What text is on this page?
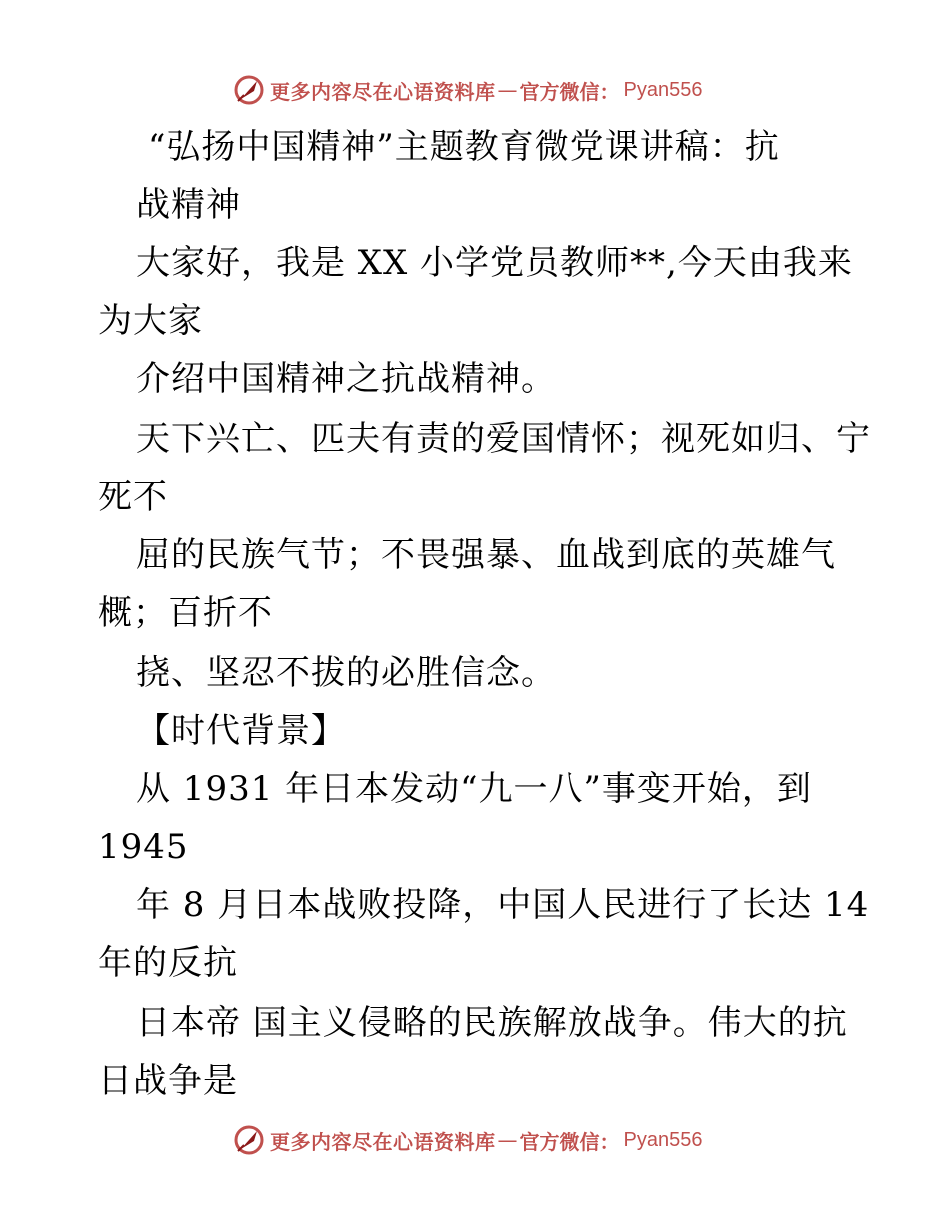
更多内容尽在心语资料库 — 官方微信： Pyan556
“弘扬中国精神”主题教育微党课讲稿：抗
战精神
大家好，我是 XX 小学党员教师**,今天由我来
为大家
介绍中国精神之抗战精神。
天下兴亡、匹夫有责的爱国情怀；视死如归、宁
死不
屈的民族气节；不畏强暴、血战到底的英雄气
概；百折不
挠、坚忍不拔的必胜信念。
【时代背景】
从 1931 年日本发动“九一八”事变开始，到
1945
年 8 月日本战败投降，中国人民进行了长达 14
年的反抗
日本帝 国主义侵略的民族解放战争。伟大的抗
日战争是
更多内容尽在心语资料库 — 官方微信： Pyan556
